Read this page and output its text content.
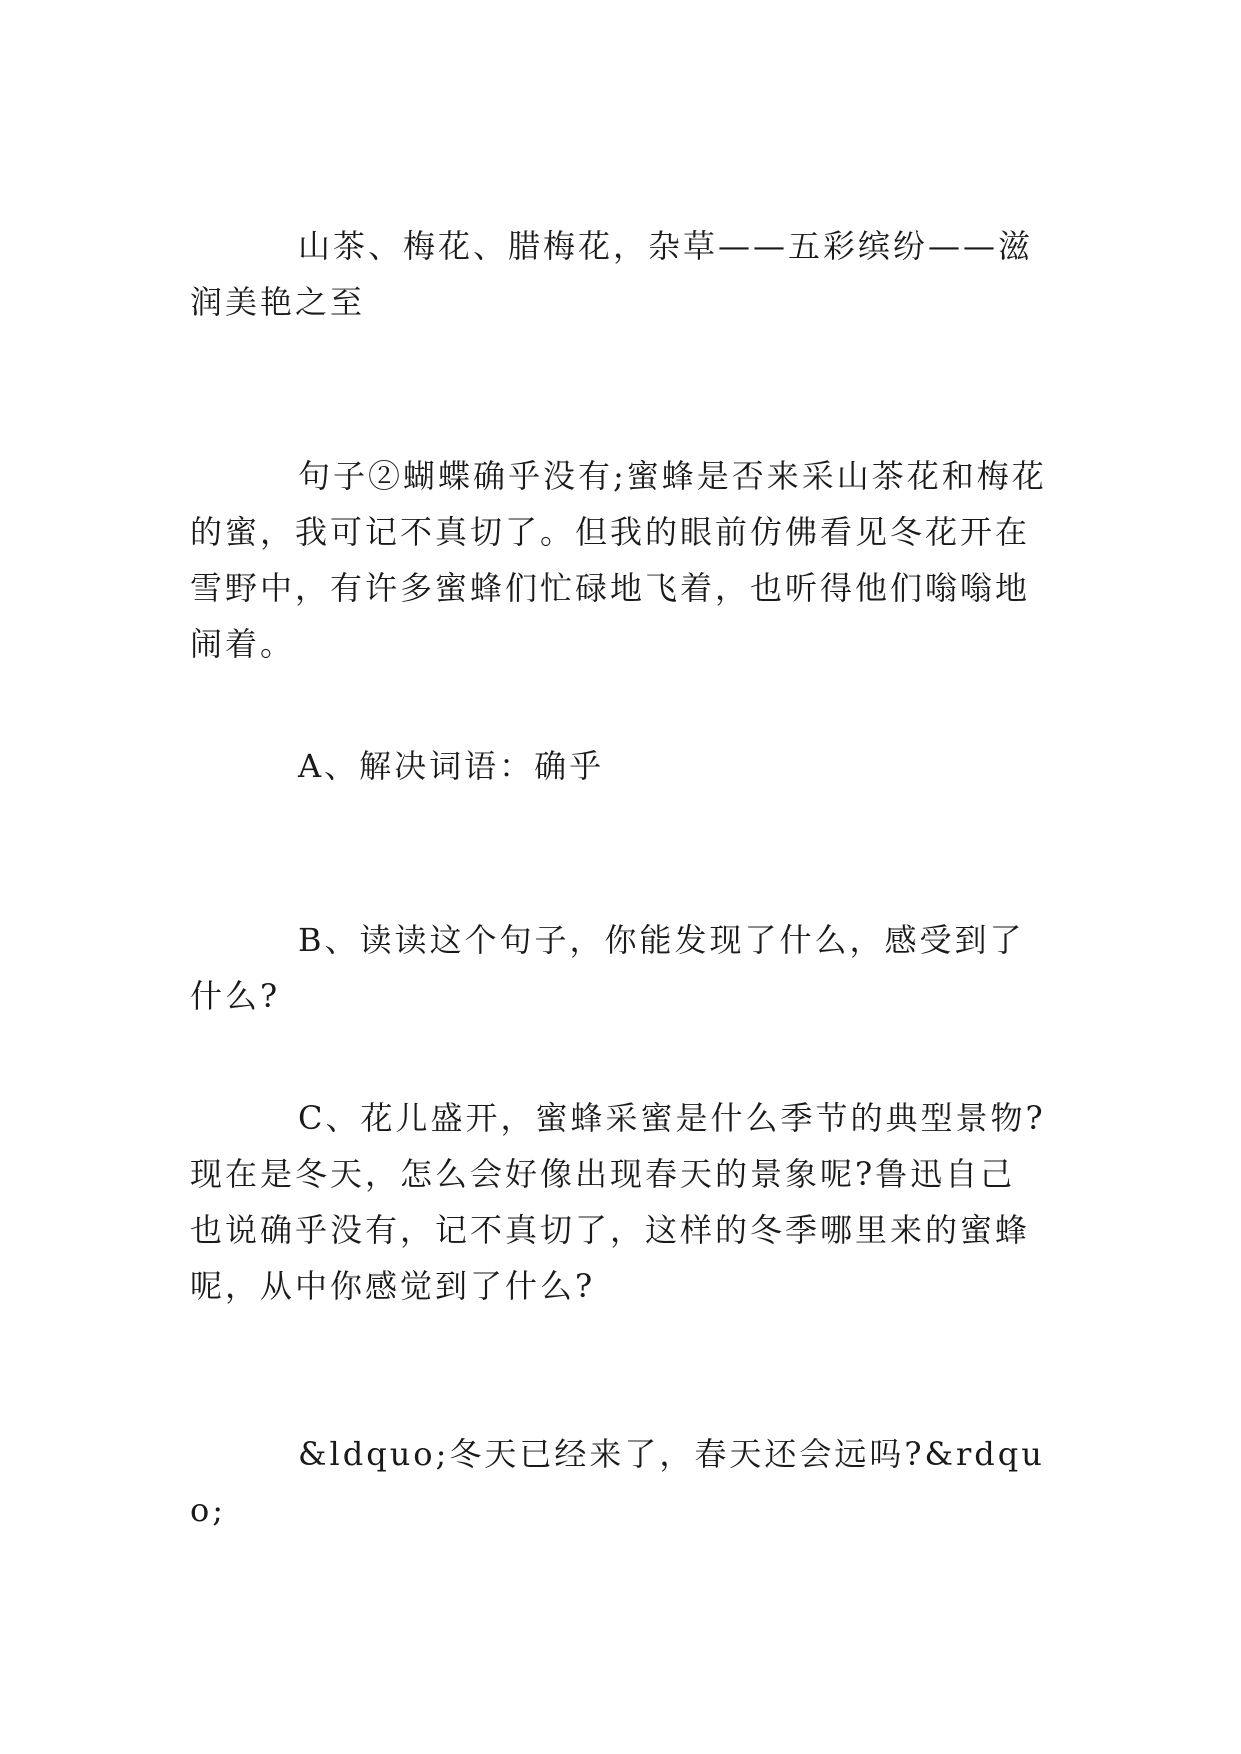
山茶、梅花、腊梅花，杂草——五彩缤纷——滋润美艳之至

句子②蝴蝶确乎没有;蜜蜂是否来采山茶花和梅花的蜜，我可记不真切了。但我的眼前仿佛看见冬花开在雪野中，有许多蜜蜂们忙碌地飞着，也听得他们嗡嗡地闹着。

A、解决词语：确乎

B、读读这个句子，你能发现了什么，感受到了什么?

C、花儿盛开，蜜蜂采蜜是什么季节的典型景物?现在是冬天，怎么会好像出现春天的景象呢?鲁迅自己也说确乎没有，记不真切了，这样的冬季哪里来的蜜蜂呢，从中你感觉到了什么?

&ldquo;冬天已经来了，春天还会远吗?&rdquo;
